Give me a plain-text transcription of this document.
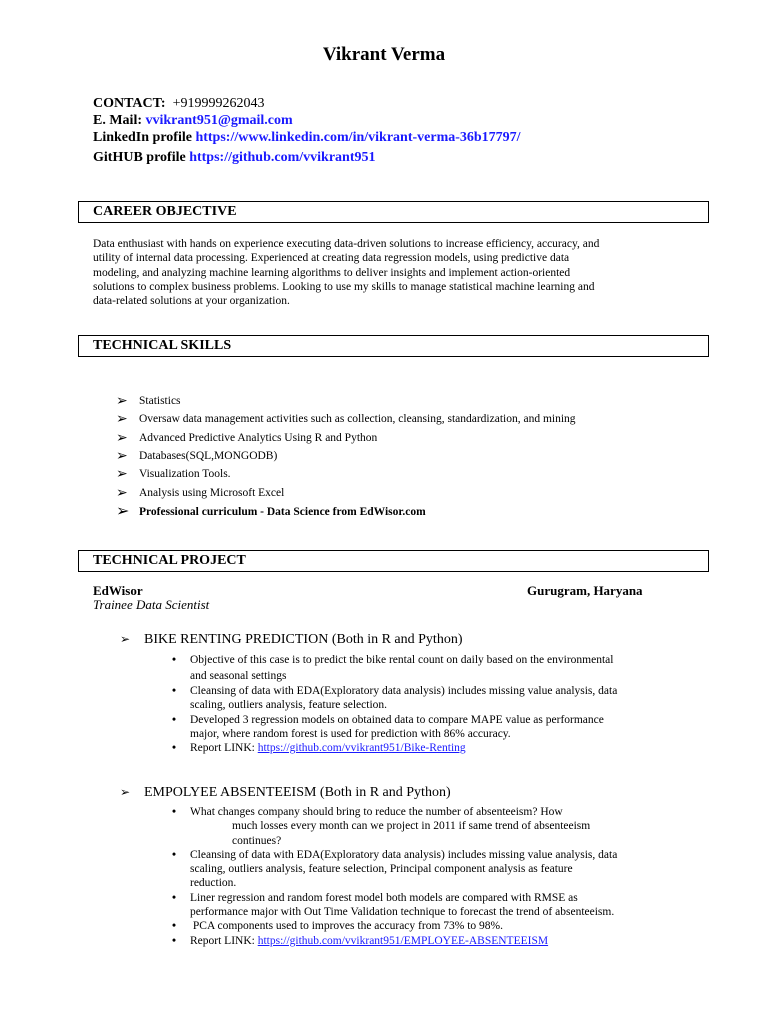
Vikrant Verma
CONTACT: +919999262043
E. Mail: vvikrant951@gmail.com
LinkedIn profile https://www.linkedin.com/in/vikrant-verma-36b17797/
GitHUB profile https://github.com/vvikrant951
CAREER OBJECTIVE
Data enthusiast with hands on experience executing data-driven solutions to increase efficiency, accuracy, and
utility of internal data processing. Experienced at creating data regression models, using predictive data
modeling, and analyzing machine learning algorithms to deliver insights and implement action-oriented
solutions to complex business problems. Looking to use my skills to manage statistical machine learning and
data-related solutions at your organization.
TECHNICAL SKILLS
➢ Statistics
➢ Oversaw data management activities such as collection, cleansing, standardization, and mining
➢ Advanced Predictive Analytics Using R and Python
➢ Databases(SQL,MONGODB)
➢ Visualization Tools.
➢ Analysis using Microsoft Excel
➢ Professional curriculum - Data Science from EdWisor.com
TECHNICAL PROJECT
EdWisor	Gurugram, Haryana
Trainee Data Scientist
➢ BIKE RENTING PREDICTION (Both in R and Python)
• Objective of this case is to predict the bike rental count on daily based on the environmental
and seasonal settings
• Cleansing of data with EDA(Exploratory data analysis) includes missing value analysis, data
scaling, outliers analysis, feature selection.
• Developed 3 regression models on obtained data to compare MAPE value as performance
major, where random forest is used for prediction with 86% accuracy.
• Report LINK: https://github.com/vvikrant951/Bike-Renting
➢ EMPOLYEE ABSENTEEISM (Both in R and Python)
• What changes company should bring to reduce the number of absenteeism? How
much losses every month can we project in 2011 if same trend of absenteeism
continues?
• Cleansing of data with EDA(Exploratory data analysis) includes missing value analysis, data
scaling, outliers analysis, feature selection, Principal component analysis as feature
reduction.
• Liner regression and random forest model both models are compared with RMSE as
performance major with Out Time Validation technique to forecast the trend of absenteeism.
• PCA components used to improves the accuracy from 73% to 98%.
• Report LINK: https://github.com/vvikrant951/EMPLOYEE-ABSENTEEISM
